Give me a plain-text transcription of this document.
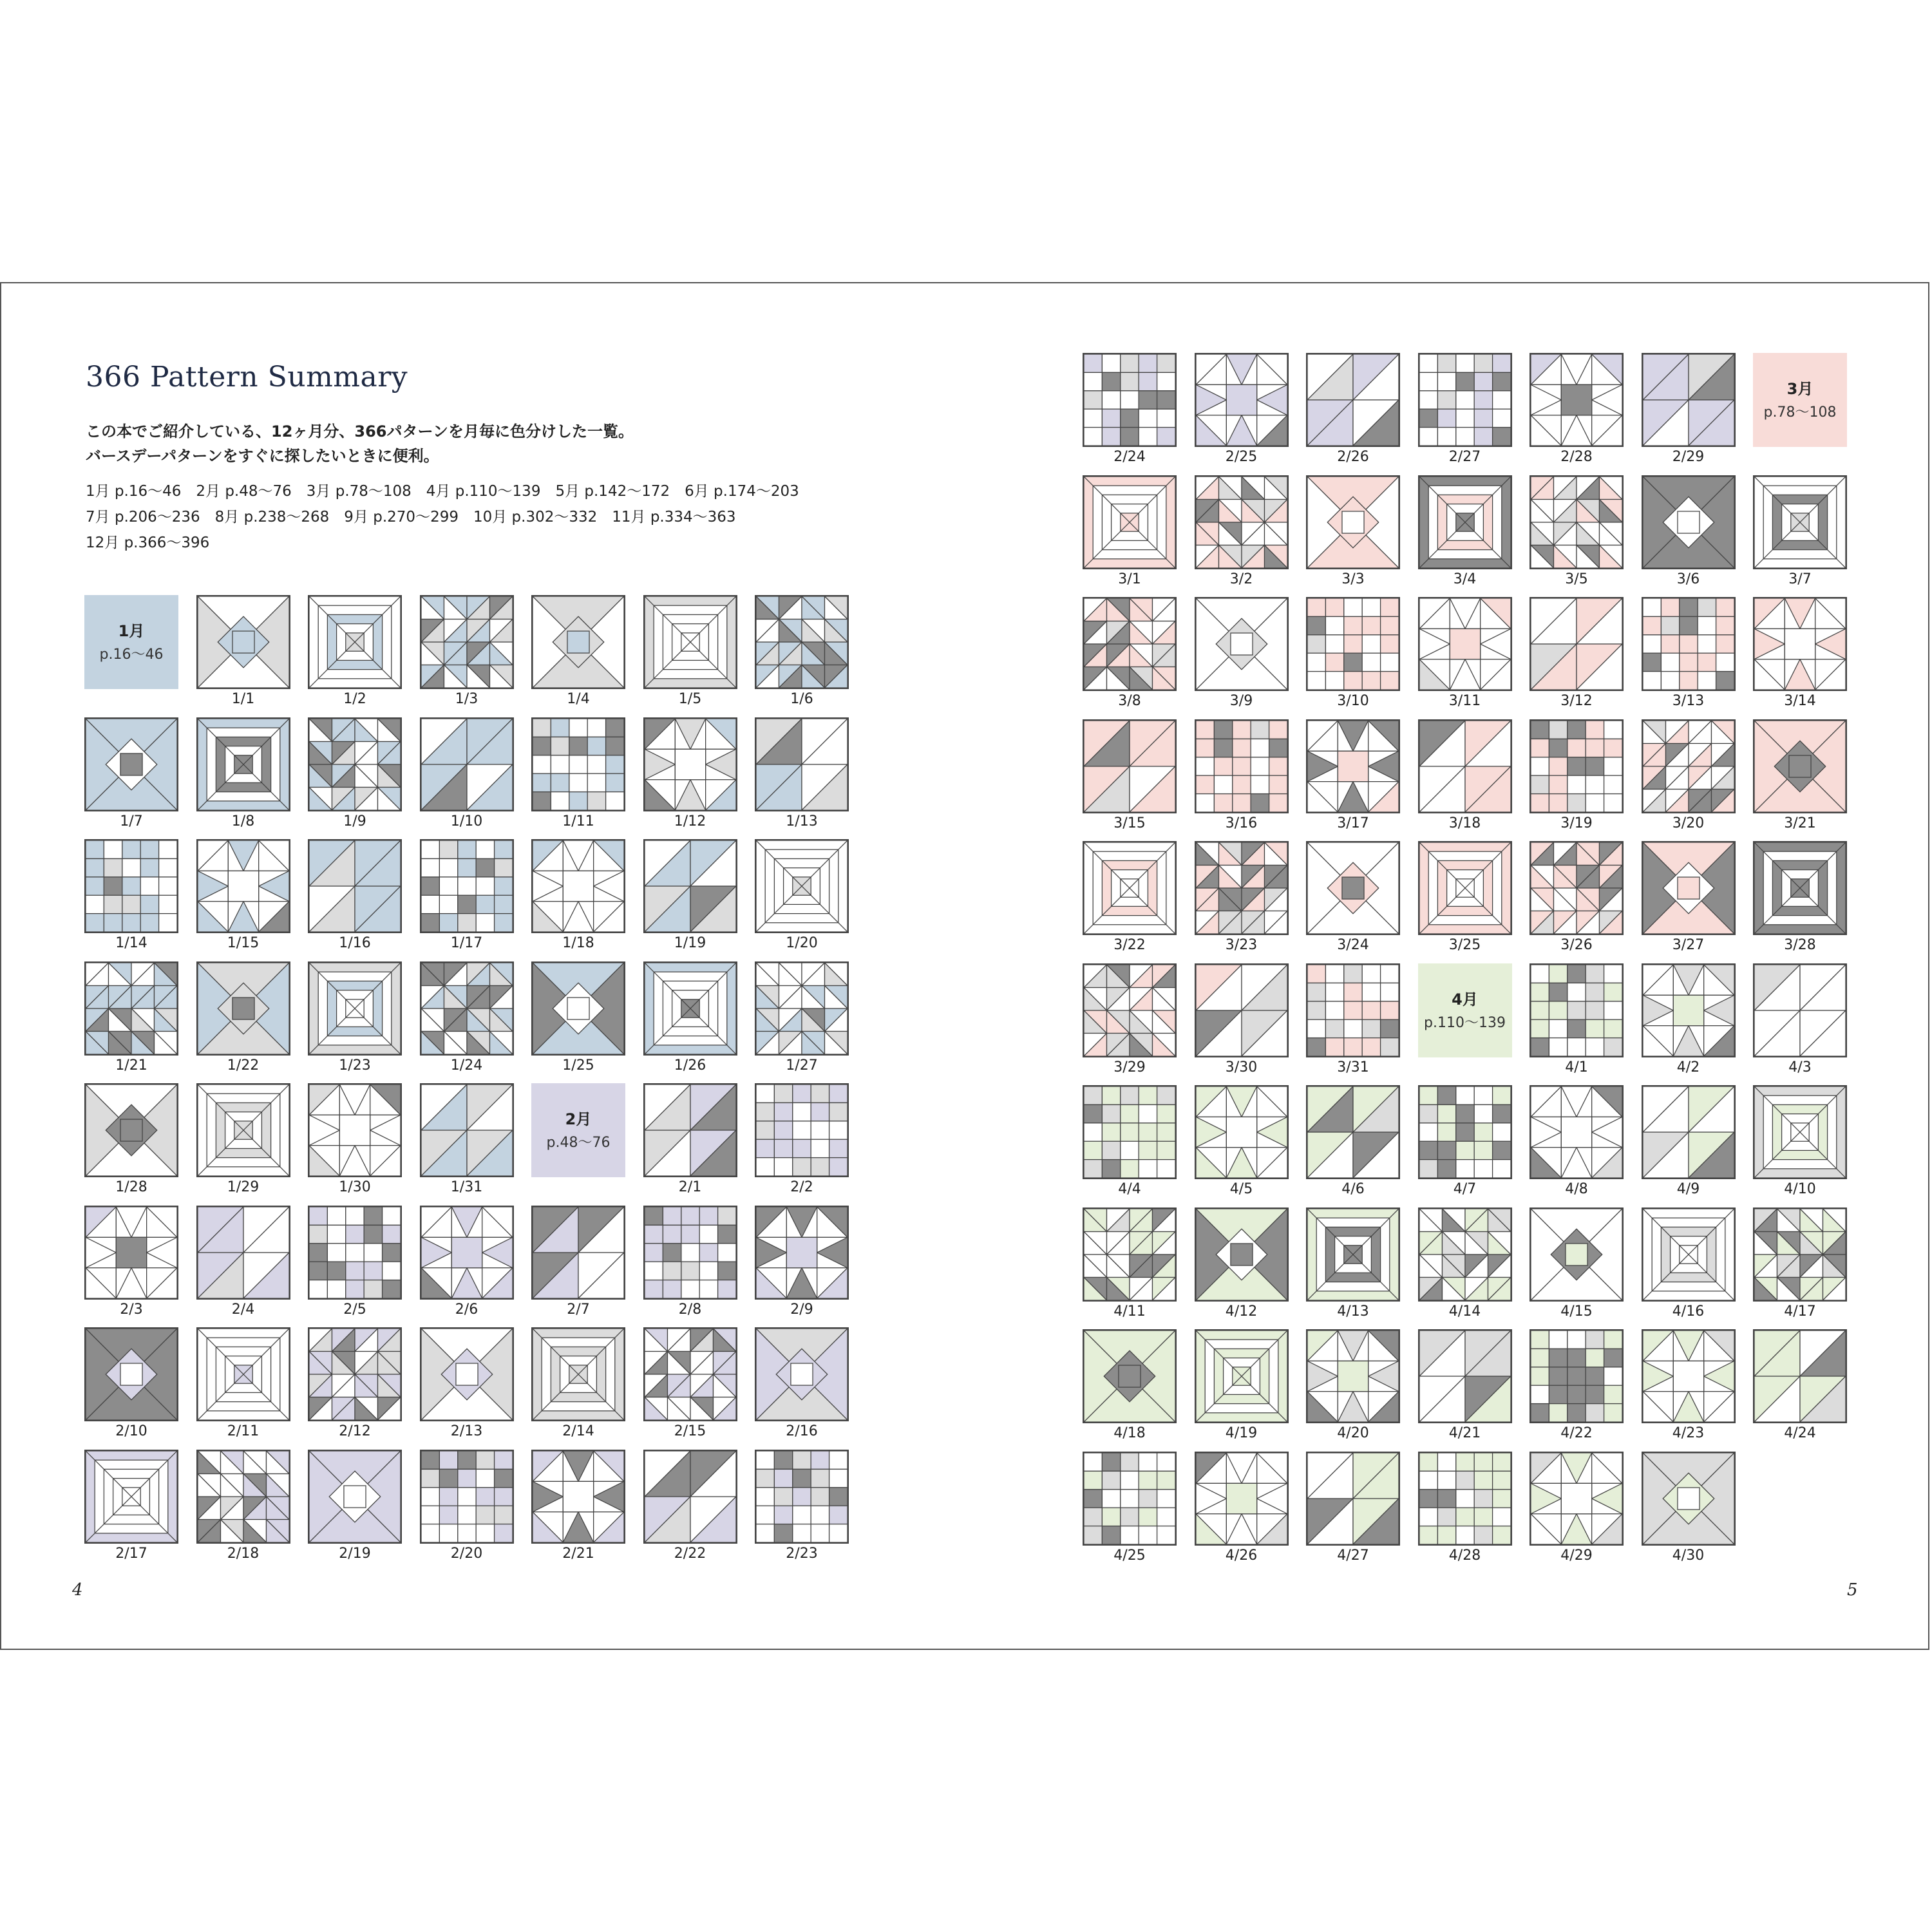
366 Pattern Summary

この本でご紹介している、12ヶ月分、366パターンを月毎に色分けした一覧。

バースデーパターンをすぐに探したいときに便利。

1月 p.16〜46　2月 p.48〜76　3月 p.78〜108　4月 p.110〜139　5月 p.142〜172　6月 p.174〜203

7月 p.206〜236　8月 p.238〜268　9月 p.270〜299　10月 p.302〜332　11月 p.334〜363

12月 p.366〜396

1月
p.16〜46
1/1	1/2	1/3	1/4	1/5	1/6
1/7	1/8	1/9	1/10	1/11	1/12	1/13
1/14	1/15	1/16	1/17	1/18	1/19	1/20
1/21	1/22	1/23	1/24	1/25	1/26	1/27
1/28	1/29	1/30	1/31
2月
p.48〜76
2/1	2/2
2/3	2/4	2/5	2/6	2/7	2/8	2/9
2/10	2/11	2/12	2/13	2/14	2/15	2/16
2/17	2/18	2/19	2/20	2/21	2/22	2/23
2/24	2/25	2/26	2/27	2/28	2/29
3月
p.78〜108
3/1	3/2	3/3	3/4	3/5	3/6	3/7
3/8	3/9	3/10	3/11	3/12	3/13	3/14
3/15	3/16	3/17	3/18	3/19	3/20	3/21
3/22	3/23	3/24	3/25	3/26	3/27	3/28
3/29	3/30	3/31
4月
p.110〜139
4/1	4/2	4/3
4/4	4/5	4/6	4/7	4/8	4/9	4/10
4/11	4/12	4/13	4/14	4/15	4/16	4/17
4/18	4/19	4/20	4/21	4/22	4/23	4/24
4/25	4/26	4/27	4/28	4/29	4/30

4	5
